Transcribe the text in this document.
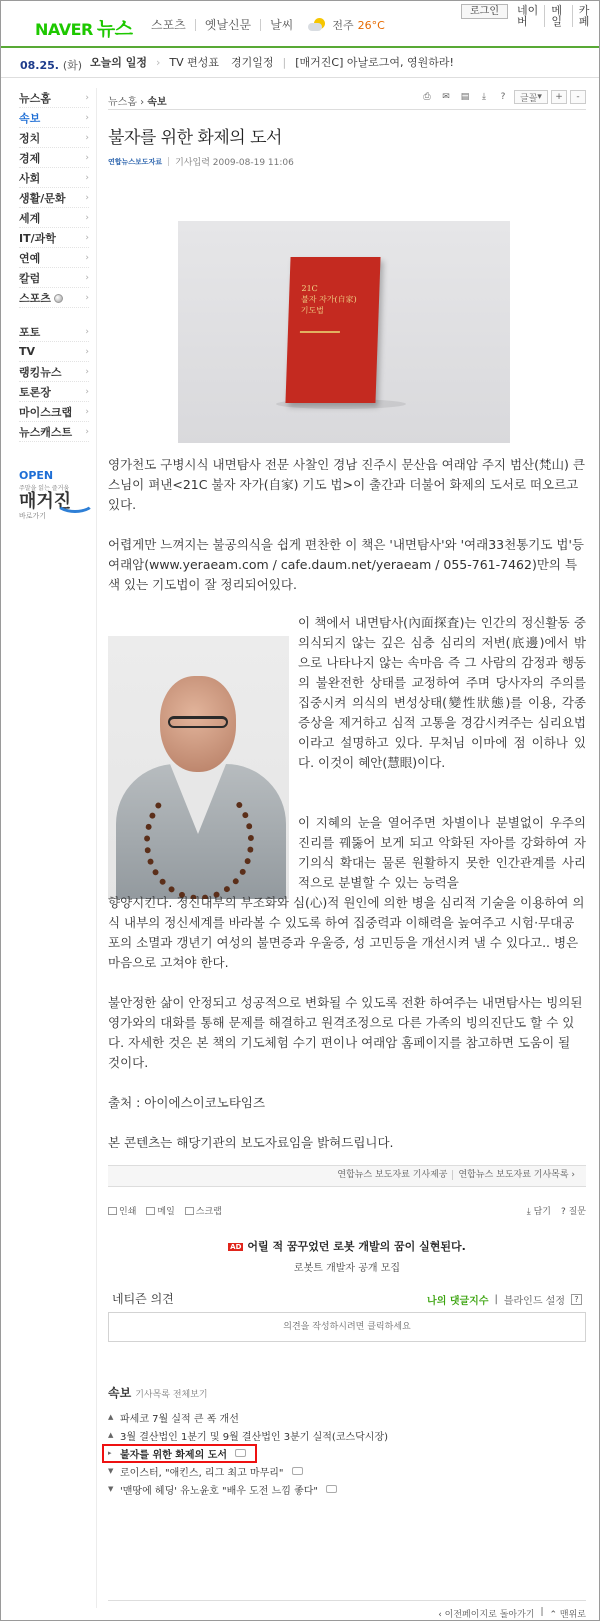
NAVER 뉴스 스포츠	옛날신문	날씨	전주 26°C
로그인	네이버
메일
카페
08.25. (화) 오늘의 일정 › TV 편성표	경기일정 | [매거진C] 아날로그여, 영원하라!
뉴스홈	›
속보	›
정치	›
경제	›
사회	›
생활/문화 ›
세계	›
IT/과학	›
연예	›
칼럼	›
스포츠	›
포토	›
TV	›
랭킹뉴스	›
토론장	›
마이스크랩 ›
뉴스캐스트 ›
OPEN
주말을 읽는 즐거움
매거진
바로가기
뉴스홈 › 속보	⎙	✉	▤	⤓	?	글꼴 ▾	+	-
불자를 위한 화제의 도서
연합뉴스보도자료 기사입력 2009-08-19 11:06
21C
불자 자가(自家)
기도법
영가천도 구병시식 내면탐사 전문 사찰인 경남 진주시 문산읍 여래암 주지 범산(梵山) 큰 스님이 펴낸<21C 불자 자가(自家) 기도 법>이 출간과 더불어 화제의 도서로 떠오르고 있다.
어렵게만 느껴지는 불공의식을 쉽게 편찬한 이 책은 '내면탐사'와 '여래33천통기도 법'등 여래암(www.yeraeam.com / cafe.daum.net/yeraeam / 055-761-7462)만의 특색 있는 기도법이 잘 정리되어있다.
이 책에서 내면탐사(內面探査)는 인간의 정신활동 중 의식되지 않는 깊은 심층 심리의 저변(底邊)에서 밖으로 나타나지 않는 속마음 즉 그 사람의 감정과 행동의 불완전한 상태를 교정하여 주며 당사자의 주의를 집중시켜 의식의 변성상태(變性狀態)를 이용, 각종 증상을 제거하고 심적 고통을 경감시켜주는 심리요법이라고 설명하고 있다. 무처님 이마에 점 이하나 있다. 이것이 혜안(慧眼)이다.
이 지혜의 눈을 열어주면 차별이나 분별없이 우주의 진리를 꿰뚫어 보게 되고 악화된 자아를 강화하여 자기의식 확대는 물론 원활하지 못한 인간관계를 사리적으로 분별할 수 있는 능력을
향양시킨다. 정신내부의 부조화와 심(心)적 원인에 의한 병을 심리적 기술을 이용하여 의식 내부의 정신세계를 바라볼 수 있도록 하여 집중력과 이해력을 높여주고 시험·무대공포의 소멸과 갱년기 여성의 불면증과 우울증, 성 고민등을 개선시켜 낼 수 있다고.. 병은 마음으로 고쳐야 한다.
불안정한 삶이 안정되고 성공적으로 변화될 수 있도록 전환 하여주는 내면탐사는 빙의된 영가와의 대화를 통해 문제를 해결하고 원격조정으로 다른 가족의 빙의진단도 할 수 있다. 자세한 것은 본 책의 기도체험 수기 편이나 여래암 홈페이지를 참고하면 도움이 될 것이다.
출처 : 아이에스이코노타임즈
본 콘텐츠는 해당기관의 보도자료임을 밝혀드립니다.
연합뉴스 보도자료 기사제공	연합뉴스 보도자료 기사목록 ›
인쇄	메일	스크랩	⤓ 담기 ? 질문
AD 어릴 적 꿈꾸었던 로봇 개발의 꿈이 실현된다.
로봇트 개발자 공개 모집
네티즌 의견	나의 댓글지수 | 블라인드 설정	?
의견을 작성하시려면 클릭하세요
속보 기사목록 전체보기
▲ 파세코 7월 실적 큰 폭 개선
▲ 3월 결산법인 1분기 및 9월 결산법인 3분기 실적(코스닥시장)
▸ 불자를 위한 화제의 도서
▼ 로이스터, "애킨스, 리그 최고 마무리"
▼ '맨땅에 헤딩' 유노윤호 "배우 도전 느낌 좋다"
‹ 이전페이지로 돌아가기 | ⌃ 맨위로
